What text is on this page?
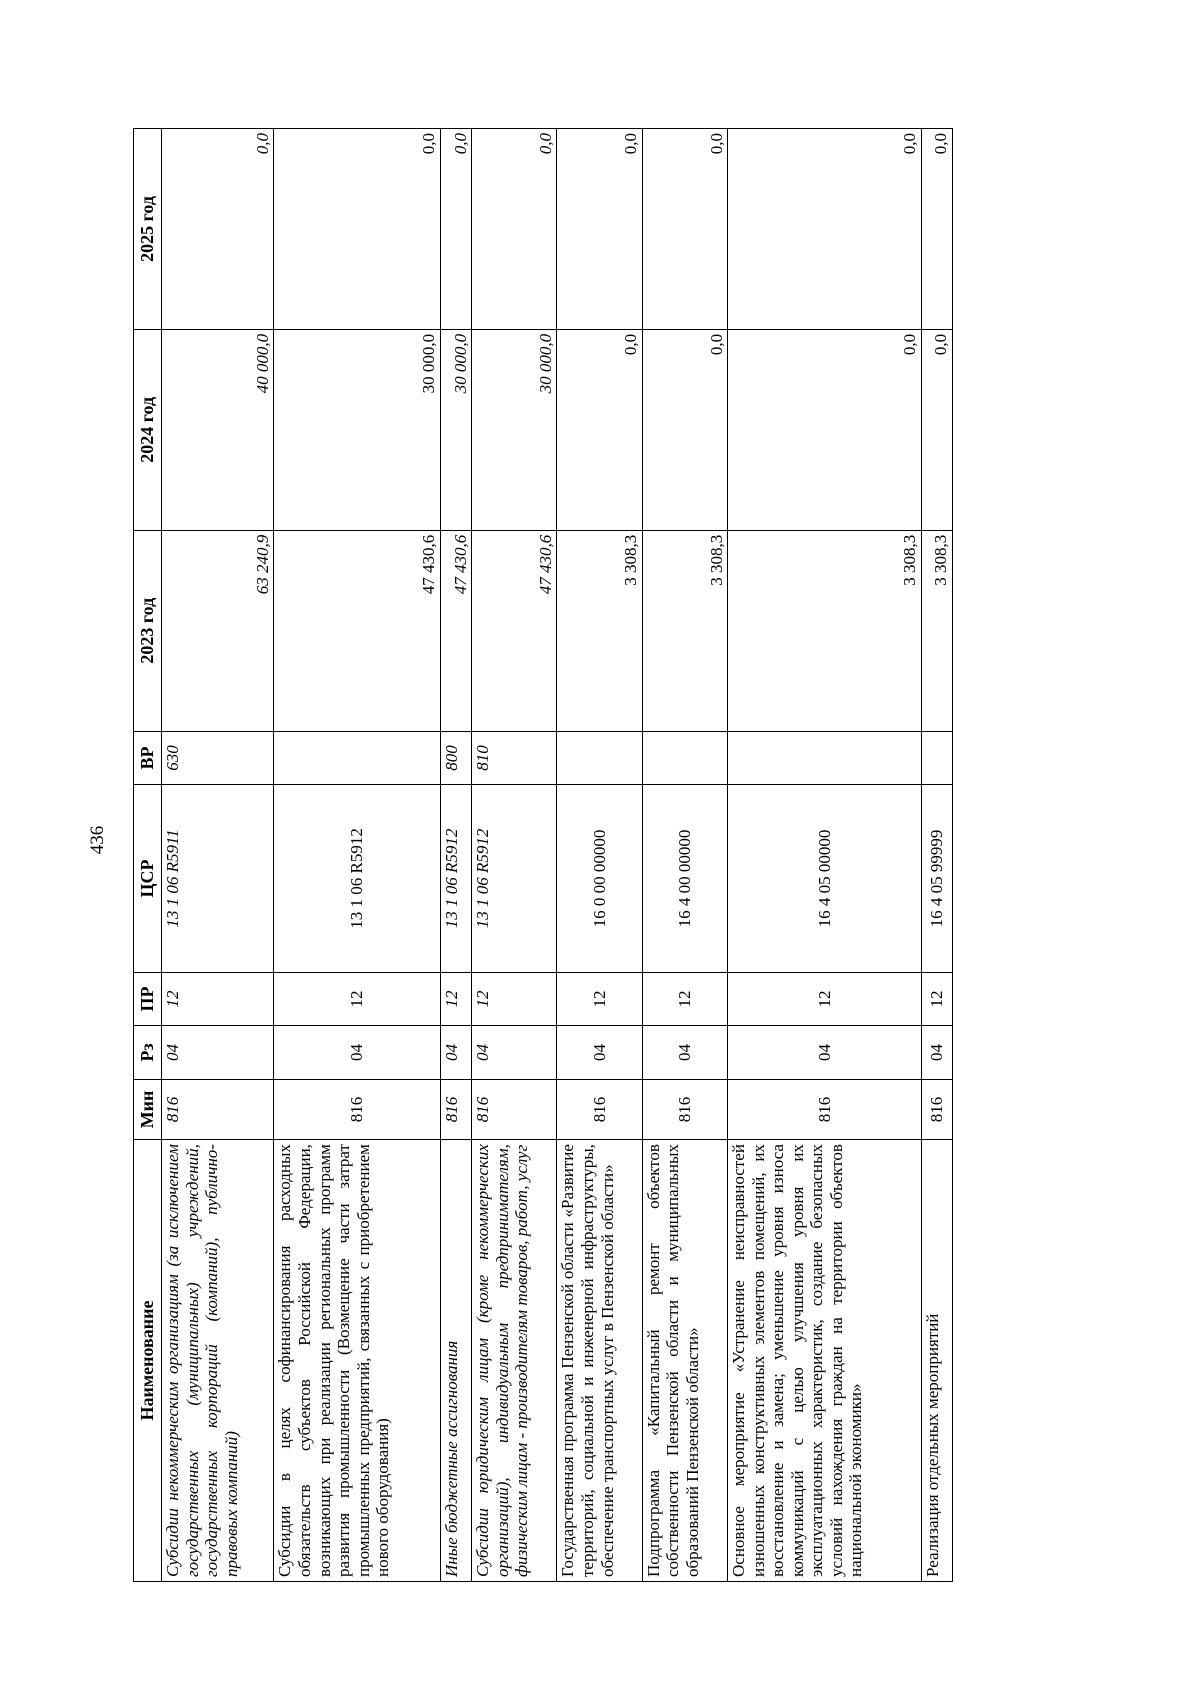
436
Наименование	Мин	Рз	ПР	ЦСР	ВР	2023 год	2024 год	2025 год
Субсидии некоммерческим организациям (за исключением государственных (муниципальных) учреждений, государственных корпораций (компаний), публично-правовых компаний)	816	04	12	13 1 06 R5911	630	63 240,9	40 000,0	0,0
Субсидии в целях софинансирования расходных обязательств субъектов Российской Федерации, возникающих при реализации региональных программ развития промышленности (Возмещение части затрат промышленных предприятий, связанных с приобретением нового оборудования)	816	04	12	13 1 06 R5912		47 430,6	30 000,0	0,0
Иные бюджетные ассигнования	816	04	12	13 1 06 R5912	800	47 430,6	30 000,0	0,0
Субсидии юридическим лицам (кроме некоммерческих организаций), индивидуальным предпринимателям, физическим лицам - производителям товаров, работ, услуг	816	04	12	13 1 06 R5912	810	47 430,6	30 000,0	0,0
Государственная программа Пензенской области «Развитие территорий, социальной и инженерной инфраструктуры, обеспечение транспортных услуг в Пензенской области»	816	04	12	16 0 00 00000		3 308,3	0,0	0,0
Подпрограмма «Капитальный ремонт объектов собственности Пензенской области и муниципальных образований Пензенской области»	816	04	12	16 4 00 00000		3 308,3	0,0	0,0
Основное мероприятие «Устранение неисправностей изношенных конструктивных элементов помещений, их восстановление и замена; уменьшение уровня износа коммуникаций с целью улучшения уровня их эксплуатационных характеристик, создание безопасных условий нахождения граждан на территории объектов национальной экономики»	816	04	12	16 4 05 00000		3 308,3	0,0	0,0
Реализация отдельных мероприятий	816	04	12	16 4 05 99999		3 308,3	0,0	0,0
